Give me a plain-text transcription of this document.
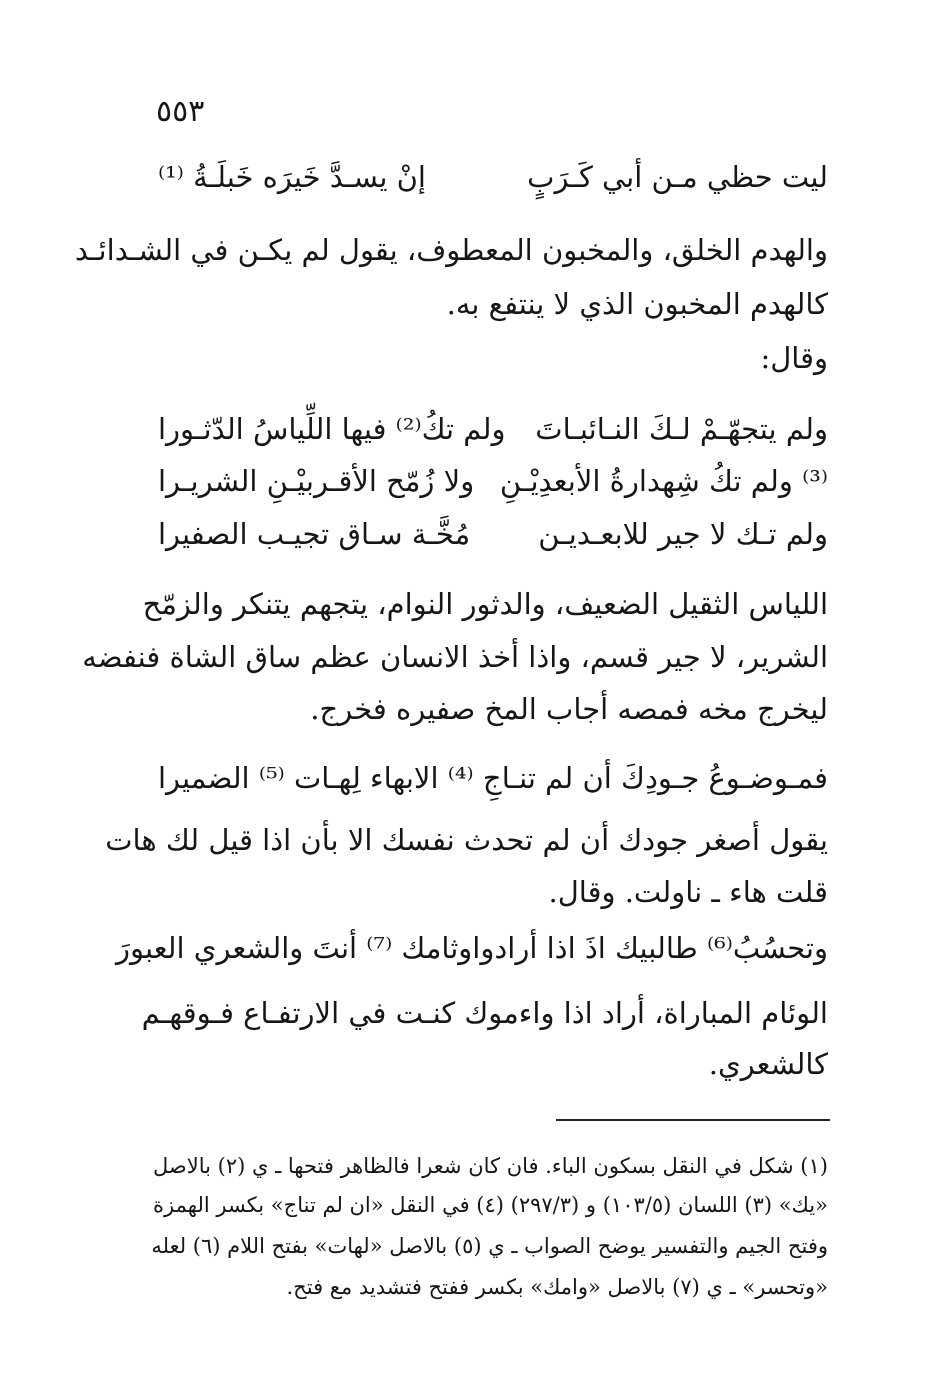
٥٥٣
ليت حظي مـن أبي كَـرَبٍ
إنْ يسـدَّ خَيرَه خَبلَـةُ ⁽¹⁾
والهدم الخلق، والمخبون المعطوف، يقول لم يكـن في الشـدائـد
كالهدم المخبون الذي لا ينتفع به.
وقال:
ولم يتجهّـمْ لـكَ النـائبـاتَ
ولم تكُ⁽²⁾ فيها اللِّياسُ الدّثـورا
⁽³⁾ ولم تكُ شِهدارةُ الأبعدِيْـنِ
ولا زُمّح الأقـربيْـنِ الشريـرا
ولم تـك لا جير للابعـديـن
مُخَّـة سـاق تجيـب الصفيرا
اللياس الثقيل الضعيف، والدثور النوام، يتجهم يتنكر والزمّح
الشرير، لا جير قسم، واذا أخذ الانسان عظم ساق الشاة فنفضه
ليخرج مخه فمصه أجاب المخ صفيره فخرج.
فمـوضـوعُ جـودِكَ أن لم تنـا
جِ ⁽⁴⁾ الابهاء لِهـات ⁽⁵⁾ الضميرا
يقول أصغر جودك أن لم تحدث نفسك الا بأن اذا قيل لك هات
قلت هاء ـ ناولت. وقال.
وتحسُبُ⁽⁶⁾ طالبيك اذَ اذا أرادوا
وثامك ⁽⁷⁾ أنتَ والشعري العبورَ
الوئام المباراة، أراد اذا واءموك كنـت في الارتفـاع فـوقهـم
كالشعري.
(١) شكل في النقل بسكون الباء. فان كان شعرا فالظاهر فتحها ـ ي (٢) بالاصل
«يك» (٣) اللسان (١٠٣/٥) و (٢٩٧/٣) (٤) في النقل «ان لم تناج» بكسر الهمزة
وفتح الجيم والتفسير يوضح الصواب ـ ي (٥) بالاصل «لهات» بفتح اللام (٦) لعله
«وتحسر» ـ ي (٧) بالاصل «وامك» بكسر ففتح فتشديد مع فتح.
